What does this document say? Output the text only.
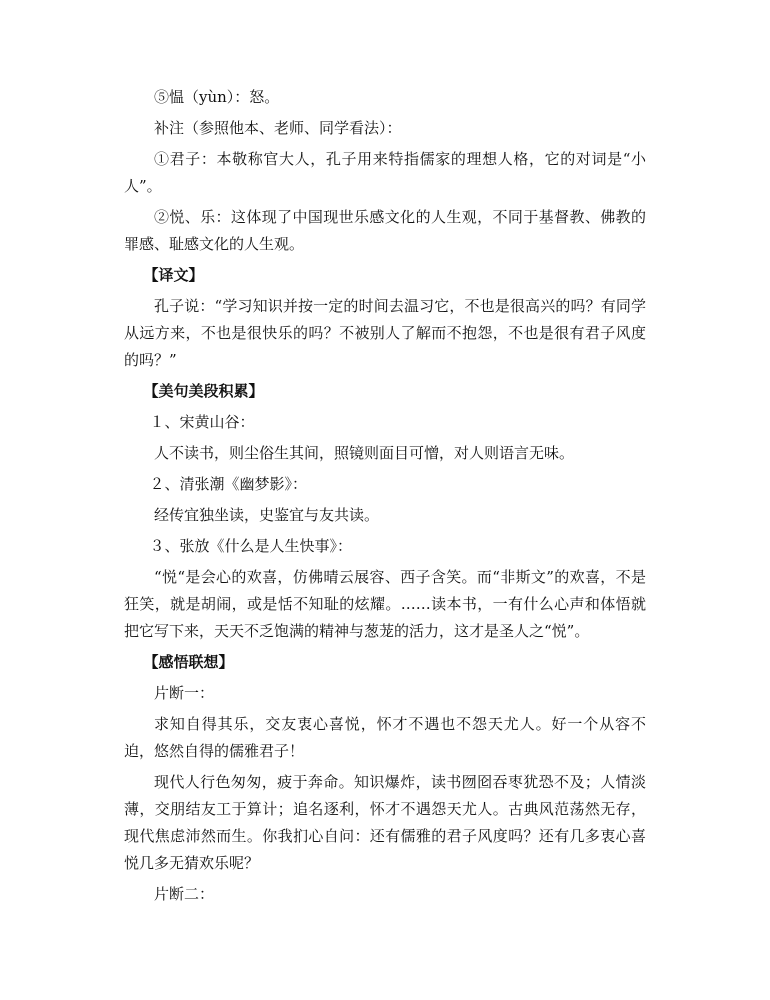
⑤愠（yùn）：怒。

补注（参照他本、老师、同学看法）：

①君子：本敬称官大人，孔子用来特指儒家的理想人格，它的对词是“小人”。

②悦、乐：这体现了中国现世乐感文化的人生观，不同于基督教、佛教的罪感、耻感文化的人生观。

【译文】

孔子说：“学习知识并按一定的时间去温习它，不也是很高兴的吗？有同学从远方来，不也是很快乐的吗？不被别人了解而不抱怨，不也是很有君子风度的吗？”

【美句美段积累】

１、宋黄山谷：

人不读书，则尘俗生其间，照镜则面目可憎，对人则语言无味。

２、清张潮《幽梦影》：

经传宜独坐读，史鉴宜与友共读。

３、张放《什么是人生快事》：

“悦“是会心的欢喜，仿佛晴云展容、西子含笑。而“非斯文”的欢喜，不是狂笑，就是胡闹，或是恬不知耻的炫耀。……读本书，一有什么心声和体悟就把它写下来，天天不乏饱满的精神与葱茏的活力，这才是圣人之“悦”。

【感悟联想】

片断一：

求知自得其乐，交友衷心喜悦，怀才不遇也不怨天尤人。好一个从容不迫，悠然自得的儒雅君子！

现代人行色匆匆，疲于奔命。知识爆炸，读书囫囵吞枣犹恐不及；人情淡薄，交朋结友工于算计；追名逐利，怀才不遇怨天尤人。古典风范荡然无存，现代焦虑沛然而生。你我扪心自问：还有儒雅的君子风度吗？还有几多衷心喜悦几多无猜欢乐呢？

片断二：
